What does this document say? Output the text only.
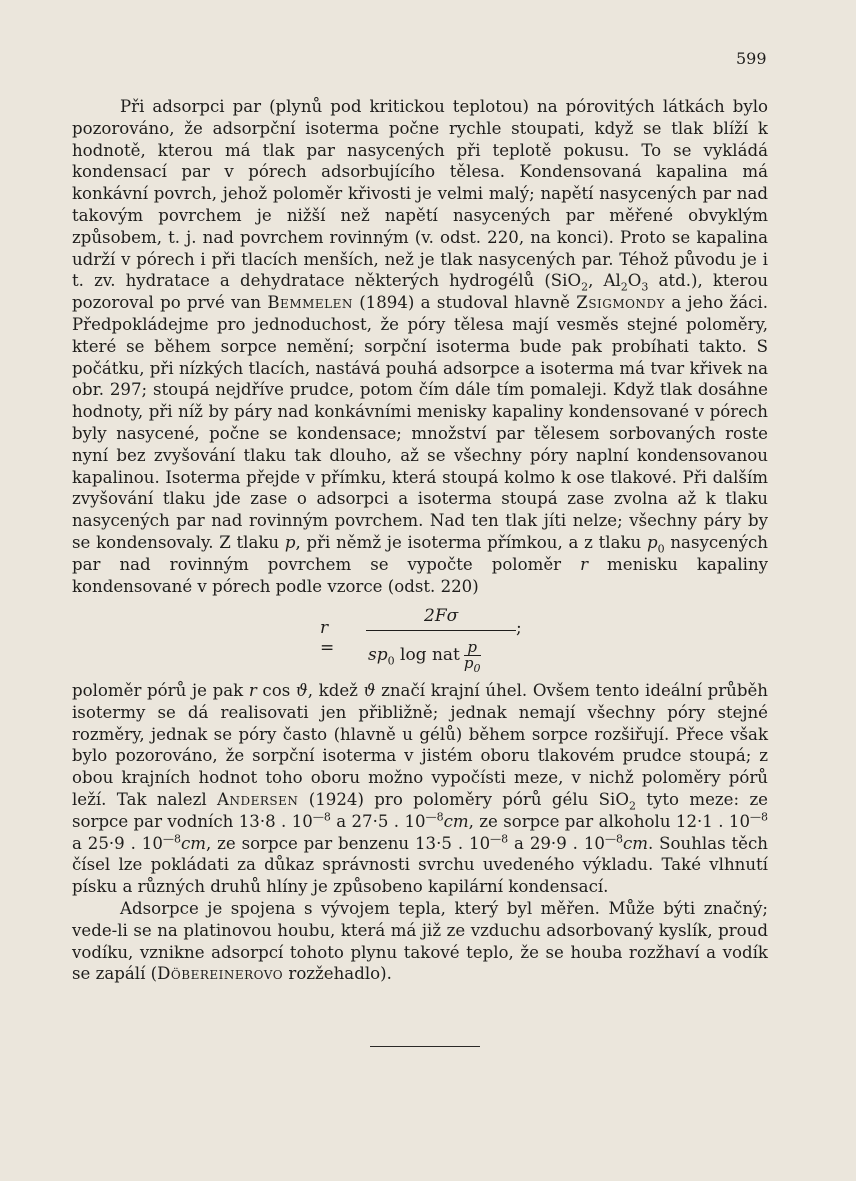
599

Při adsorpci par (plynů pod kritickou teplotou) na pórovitých látkách bylo pozorováno, že adsorpční isoterma počne rychle stoupati, když se tlak blíží k hodnotě, kterou má tlak par nasycených při teplotě pokusu. To se vykládá kondensací par v pórech adsorbujícího tělesa. Kondensovaná kapalina má konkávní povrch, jehož poloměr křivosti je velmi malý; napětí nasycených par nad takovým povrchem je nižší než napětí nasycených par měřené obvyklým způsobem, t. j. nad povrchem rovinným (v. odst. 220, na konci). Proto se kapalina udrží v pórech i při tlacích menších, než je tlak nasycených par. Téhož původu je i t. zv. hydratace a dehydratace některých hydrogélů (SiO$_2$, $Al_2O_3$ atd.), kterou pozoroval po prvé van Bemmelen (1894) a studoval hlavně Zsigmondy a jeho žáci. Předpokládejme pro jednoduchost, že póry tělesa mají vesměs stejné poloměry, které se během sorpce nemění; sorpční isoterma bude pak probíhati takto. S počátku, při nízkých tlacích, nastává pouhá adsorpce a isoterma má tvar křivek na obr. 297; stoupá nejdříve prudce, potom čím dále tím pomaleji. Když tlak dosáhne hodnoty, při níž by páry nad konkávními menisky kapaliny kondensované v pórech byly nasycené, počne se kondensace; množství par tělesem sorbovaných roste nyní bez zvyšování tlaku tak dlouho, až se všechny póry naplní kondensovanou kapalinou. Isoterma přejde v přímku, která stoupá kolmo k ose tlakové. Při dalším zvyšování tlaku jde zase o adsorpci a isoterma stoupá zase zvolna až k tlaku nasycených par nad rovinným povrchem. Nad ten tlak jíti nelze; všechny páry by se kondensovaly. Z tlaku p, při němž je isoterma přímkou, a z tlaku $p_0$ nasycených par nad rovinným povrchem se vypočte poloměr r menisku kapaliny kondensované v pórech podle vzorce (odst. 220)

r =
2Fσ
;
$sp_0$ log nat $\frac{p}{p_0}$

poloměr pórů je pak r cos ϑ, kdež ϑ značí krajní úhel. Ovšem tento ideální průběh isotermy se dá realisovati jen přibližně; jednak nemají všechny póry stejné rozměry, jednak se póry často (hlavně u gélů) během sorpce rozšiřují. Přece však bylo pozorováno, že sorpční isoterma v jistém oboru tlakovém prudce stoupá; z obou krajních hodnot toho oboru možno vypočísti meze, v nichž poloměry pórů leží. Tak nalezl Andersen (1924) pro poloměry pórů gélu SiO$_2$ tyto meze: ze sorpce par vodních 13·8 . $10^{—8}$ a 27·5 . $10^{—8}cm$, ze sorpce par alkoholu 12·1 . $10^{—8}$ a 25·9 . $10^{—8}cm$, ze sorpce par benzenu 13·5 . $10^{—8}$ a 29·9 . $10^{—8}cm$. Souhlas těch čísel lze pokládati za důkaz správnosti svrchu uvedeného výkladu. Také vlhnutí písku a různých druhů hlíny je způsobeno kapilární kondensací.

Adsorpce je spojena s vývojem tepla, který byl měřen. Může býti značný; vede-li se na platinovou houbu, která má již ze vzduchu adsorbovaný kyslík, proud vodíku, vznikne adsorpcí tohoto plynu takové teplo, že se houba rozžhaví a vodík se zapálí (Döbereinerovo rozžehadlo).
